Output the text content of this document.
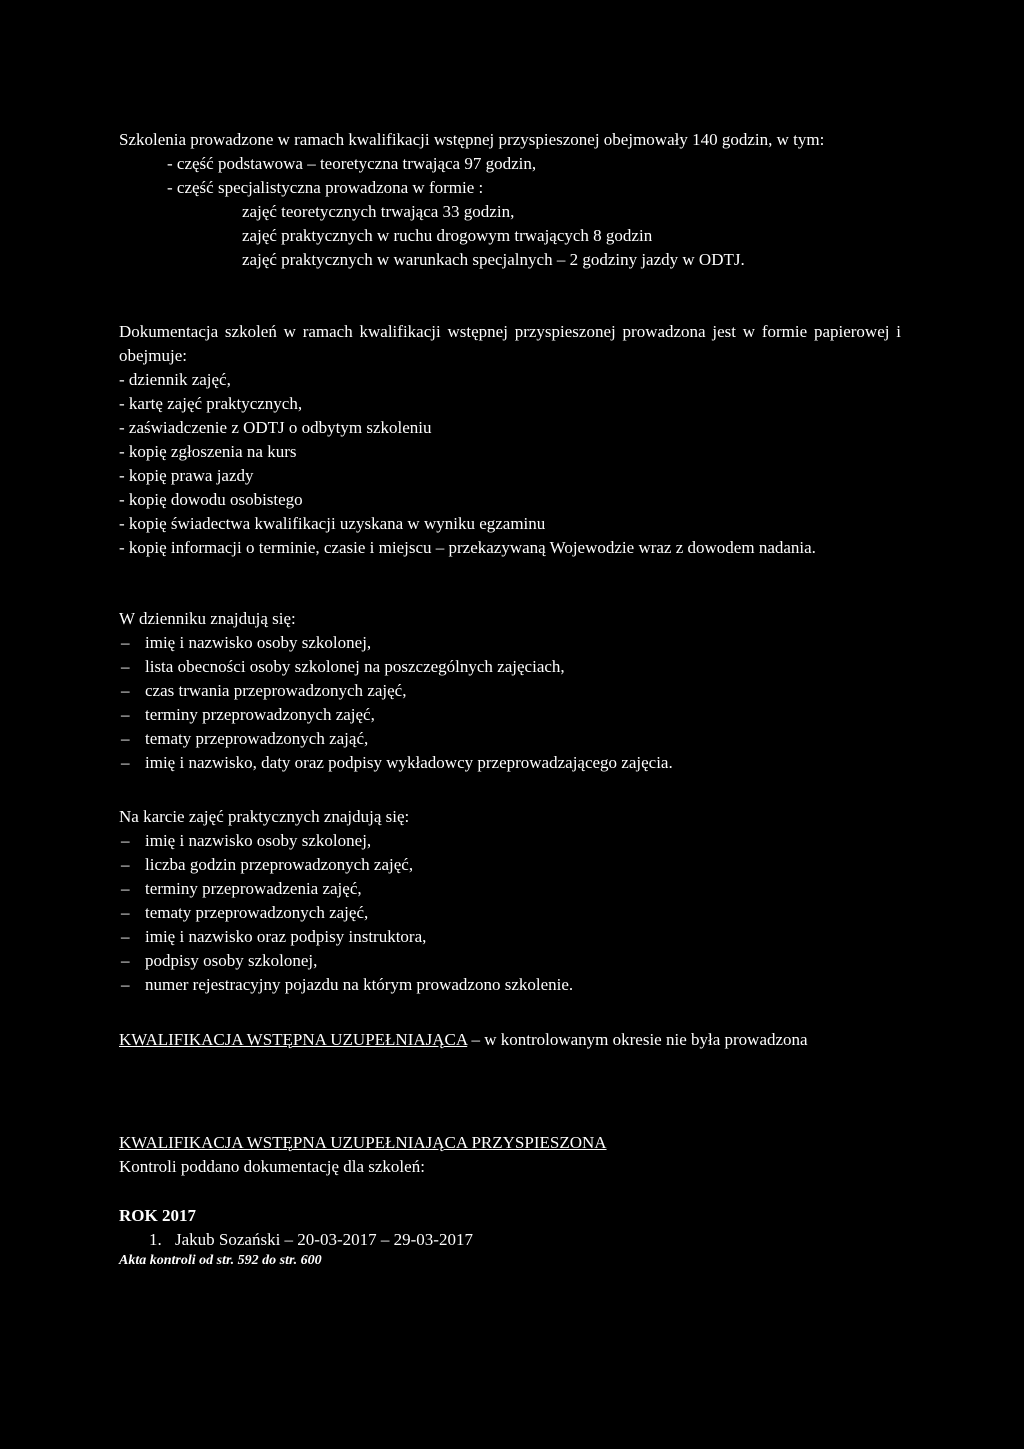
Szkolenia prowadzone w ramach kwalifikacji wstępnej przyspieszonej obejmowały 140 godzin, w tym:

- część podstawowa – teoretyczna trwająca 97 godzin,

- część specjalistyczna prowadzona w formie :

zajęć teoretycznych trwająca 33 godzin,

zajęć praktycznych w ruchu drogowym trwających 8 godzin

zajęć praktycznych w warunkach specjalnych – 2 godziny jazdy w ODTJ.

Dokumentacja szkoleń w ramach kwalifikacji wstępnej przyspieszonej prowadzona jest w formie papierowej i obejmuje:

- dziennik zajęć,

- kartę zajęć praktycznych,

- zaświadczenie z ODTJ o odbytym szkoleniu

- kopię zgłoszenia na kurs

- kopię prawa jazdy

- kopię dowodu osobistego

- kopię świadectwa kwalifikacji uzyskana w wyniku egzaminu

- kopię informacji o terminie, czasie i miejscu – przekazywaną Wojewodzie wraz z dowodem nadania.

W dzienniku znajdują się:

– imię i nazwisko osoby szkolonej,
– lista obecności osoby szkolonej na poszczególnych zajęciach,
– czas trwania przeprowadzonych zajęć,
– terminy przeprowadzonych zajęć,
– tematy przeprowadzonych zająć,
– imię i nazwisko, daty oraz podpisy wykładowcy przeprowadzającego zajęcia.

Na karcie zajęć praktycznych znajdują się:

– imię i nazwisko osoby szkolonej,
– liczba godzin przeprowadzonych zajęć,
– terminy przeprowadzenia zajęć,
– tematy przeprowadzonych zajęć,
– imię i nazwisko oraz podpisy instruktora,
– podpisy osoby szkolonej,
– numer rejestracyjny pojazdu na którym prowadzono szkolenie.

KWALIFIKACJA WSTĘPNA UZUPEŁNIAJĄCA – w kontrolowanym okresie nie była prowadzona

KWALIFIKACJA WSTĘPNA UZUPEŁNIAJĄCA PRZYSPIESZONA

Kontroli poddano dokumentację dla szkoleń:

ROK 2017

1. Jakub Sozański – 20-03-2017 – 29-03-2017

Akta kontroli od str. 592 do str. 600
